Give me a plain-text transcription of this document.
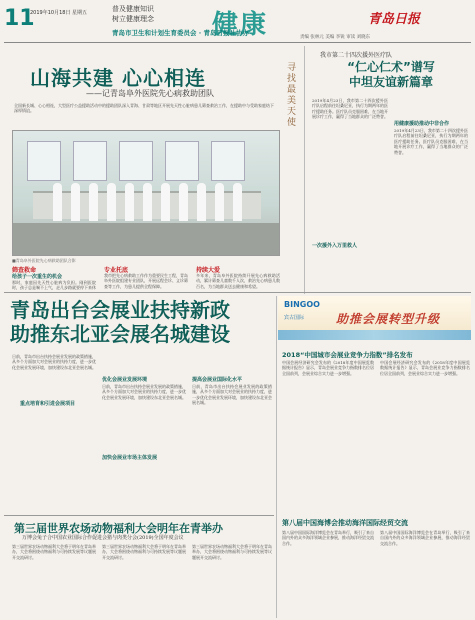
11
2019年10月18日 星期五	普及健康知识
树立健康理念 健康	青岛日报
青岛市卫生和计划生育委员会 · 青岛日报社协办
责编 张林元 美编 李锐 审读 刘晓东
山海共建 心心相连
——记青岛阜外医院先心病救助团队
全国新长城、心心相连，大型医疗公益援助活动中的援助团队深入青海、甘肃等地区开展先天性心脏病患儿筛查救治工作，在援助中与受助家庭结下深厚情谊。
■青岛阜外医院先心病救助团队合影
寻找最美天使
筛查救命
给孩子一次重生的机会
那时，家庭因先天性心脏病为负担。刚到医院时，孩子总是喘不上气，走几步路就要停下来休
专业托底
我市把先心病救助工作作为重要民生工程，青岛阜外医院组建专业团队，开展远程会诊、义诊筛查等工作，为患儿提供全程保障。
持续大爱
多年来，青岛阜外医院持续开展先心病救助活动，累计筛查儿童数千人次，救治先心病患儿数百名，为当地群众送去健康和希望。
我市第二十四次援外医疗队
“仁心仁术”谱写
中坦友谊新篇章
2019年4月23日，我市第二十四次援外医疗队启程前往坦桑尼亚，执行为期两年的医疗援助任务。医疗队员克服困难，在当地开展诊疗工作，赢得了当地群众的广泛赞誉。
一次援外入万里救人
用健康援助推动中非合作
2019年4月23日，我市第二十四次援外医疗队启程前往坦桑尼亚，执行为期两年的医疗援助任务。医疗队员克服困难，在当地开展诊疗工作，赢得了当地群众的广泛赞誉。
青岛出台会展业扶持新政
助推东北亚会展名城建设
日前，青岛市出台扶持会展业发展的政策措施，从多个方面加大对会展业的扶持力度，进一步优化会展业发展环境，加快建设东北亚会展名城。
优化会展业发展环境
日前，青岛市出台扶持会展业发展的政策措施，从多个方面加大对会展业的扶持力度，进一步优化会展业发展环境，加快建设东北亚会展名城。
加快会展业市场主体发展
重点培育和引进会展项目
提高会展业国际化水平
日前，青岛市出台扶持会展业发展的政策措施，从多个方面加大对会展业的扶持力度，进一步优化会展业发展环境，加快建设东北亚会展名城。
BINGOO
宾古国际	助推会展转型升级
2018“中国城市会展业竞争力指数”排名发布
中国会展经济研究会发布的《2018年度中国展览数据统计报告》显示，青岛会展业竞争力指数排名位居全国前列，会展业综合实力进一步增强。
中国会展经济研究会发布的《2018年度中国展览数据统计报告》显示，青岛会展业竞争力指数排名位居全国前列，会展业综合实力进一步增强。
第八届中国海博会推动海洋国际经贸交流
第八届中国国际海洋博览会在青岛举行，吸引了来自国内外的众多海洋领域企业参展，推动海洋经贸交流合作。
第八届中国国际海洋博览会在青岛举行，吸引了来自国内外的众多海洋领域企业参展，推动海洋经贸交流合作。
第三届世界农场动物福利大会明年在青举办
万博会兔子合中国农业国际合作促进会猪与肉类分会(2019)全国年度会议
第三届世界农场动物福利大会将于明年在青岛举办，大会将围绕动物福利与可持续发展等议题展开交流研讨。
第三届世界农场动物福利大会将于明年在青岛举办，大会将围绕动物福利与可持续发展等议题展开交流研讨。
第三届世界农场动物福利大会将于明年在青岛举办，大会将围绕动物福利与可持续发展等议题展开交流研讨。
